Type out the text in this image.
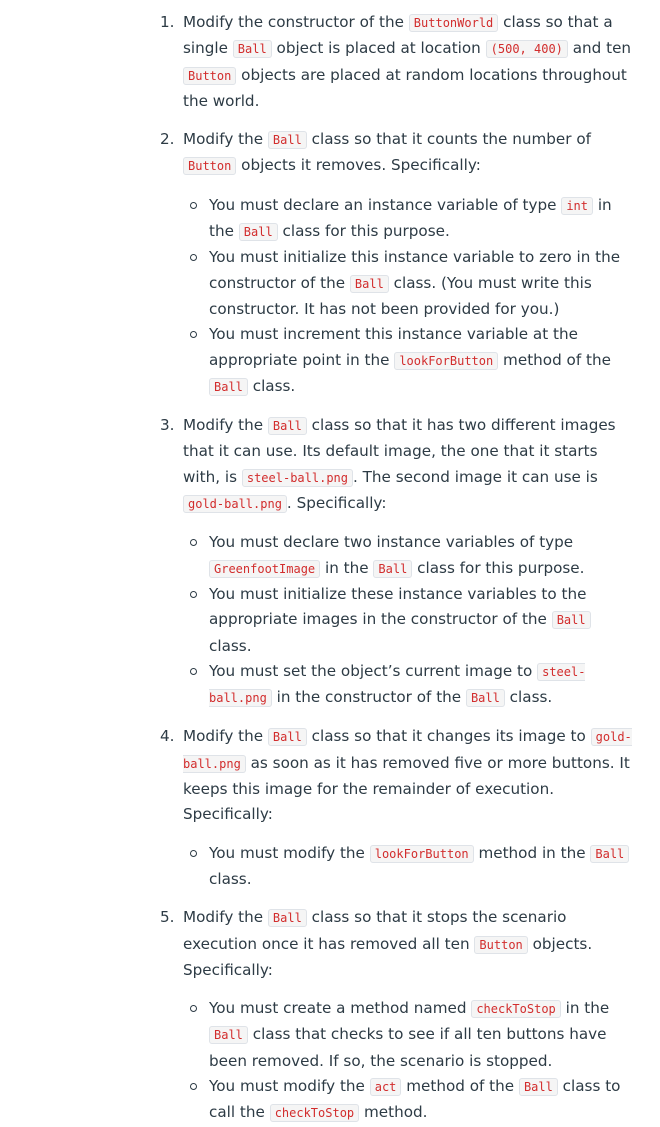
1. Modify the constructor of the ButtonWorld class so that a single Ball object is placed at location (500, 400) and ten Button objects are placed at random locations throughout the world.
2. Modify the Ball class so that it counts the number of Button objects it removes. Specifically:
You must declare an instance variable of type int in the Ball class for this purpose.
You must initialize this instance variable to zero in the constructor of the Ball class. (You must write this constructor. It has not been provided for you.)
You must increment this instance variable at the appropriate point in the lookForButton method of the Ball class.
3. Modify the Ball class so that it has two different images that it can use. Its default image, the one that it starts with, is steel-ball.png . The second image it can use is gold-ball.png . Specifically:
You must declare two instance variables of type GreenfootImage in the Ball class for this purpose.
You must initialize these instance variables to the appropriate images in the constructor of the Ball class.
You must set the object’s current image to steel-ball.png in the constructor of the Ball class.
4. Modify the Ball class so that it changes its image to gold-ball.png as soon as it has removed five or more buttons. It keeps this image for the remainder of execution. Specifically:
You must modify the lookForButton method in the Ball class.
5. Modify the Ball class so that it stops the scenario execution once it has removed all ten Button objects. Specifically:
You must create a method named checkToStop in the Ball class that checks to see if all ten buttons have been removed. If so, the scenario is stopped.
You must modify the act method of the Ball class to call the checkToStop method.
